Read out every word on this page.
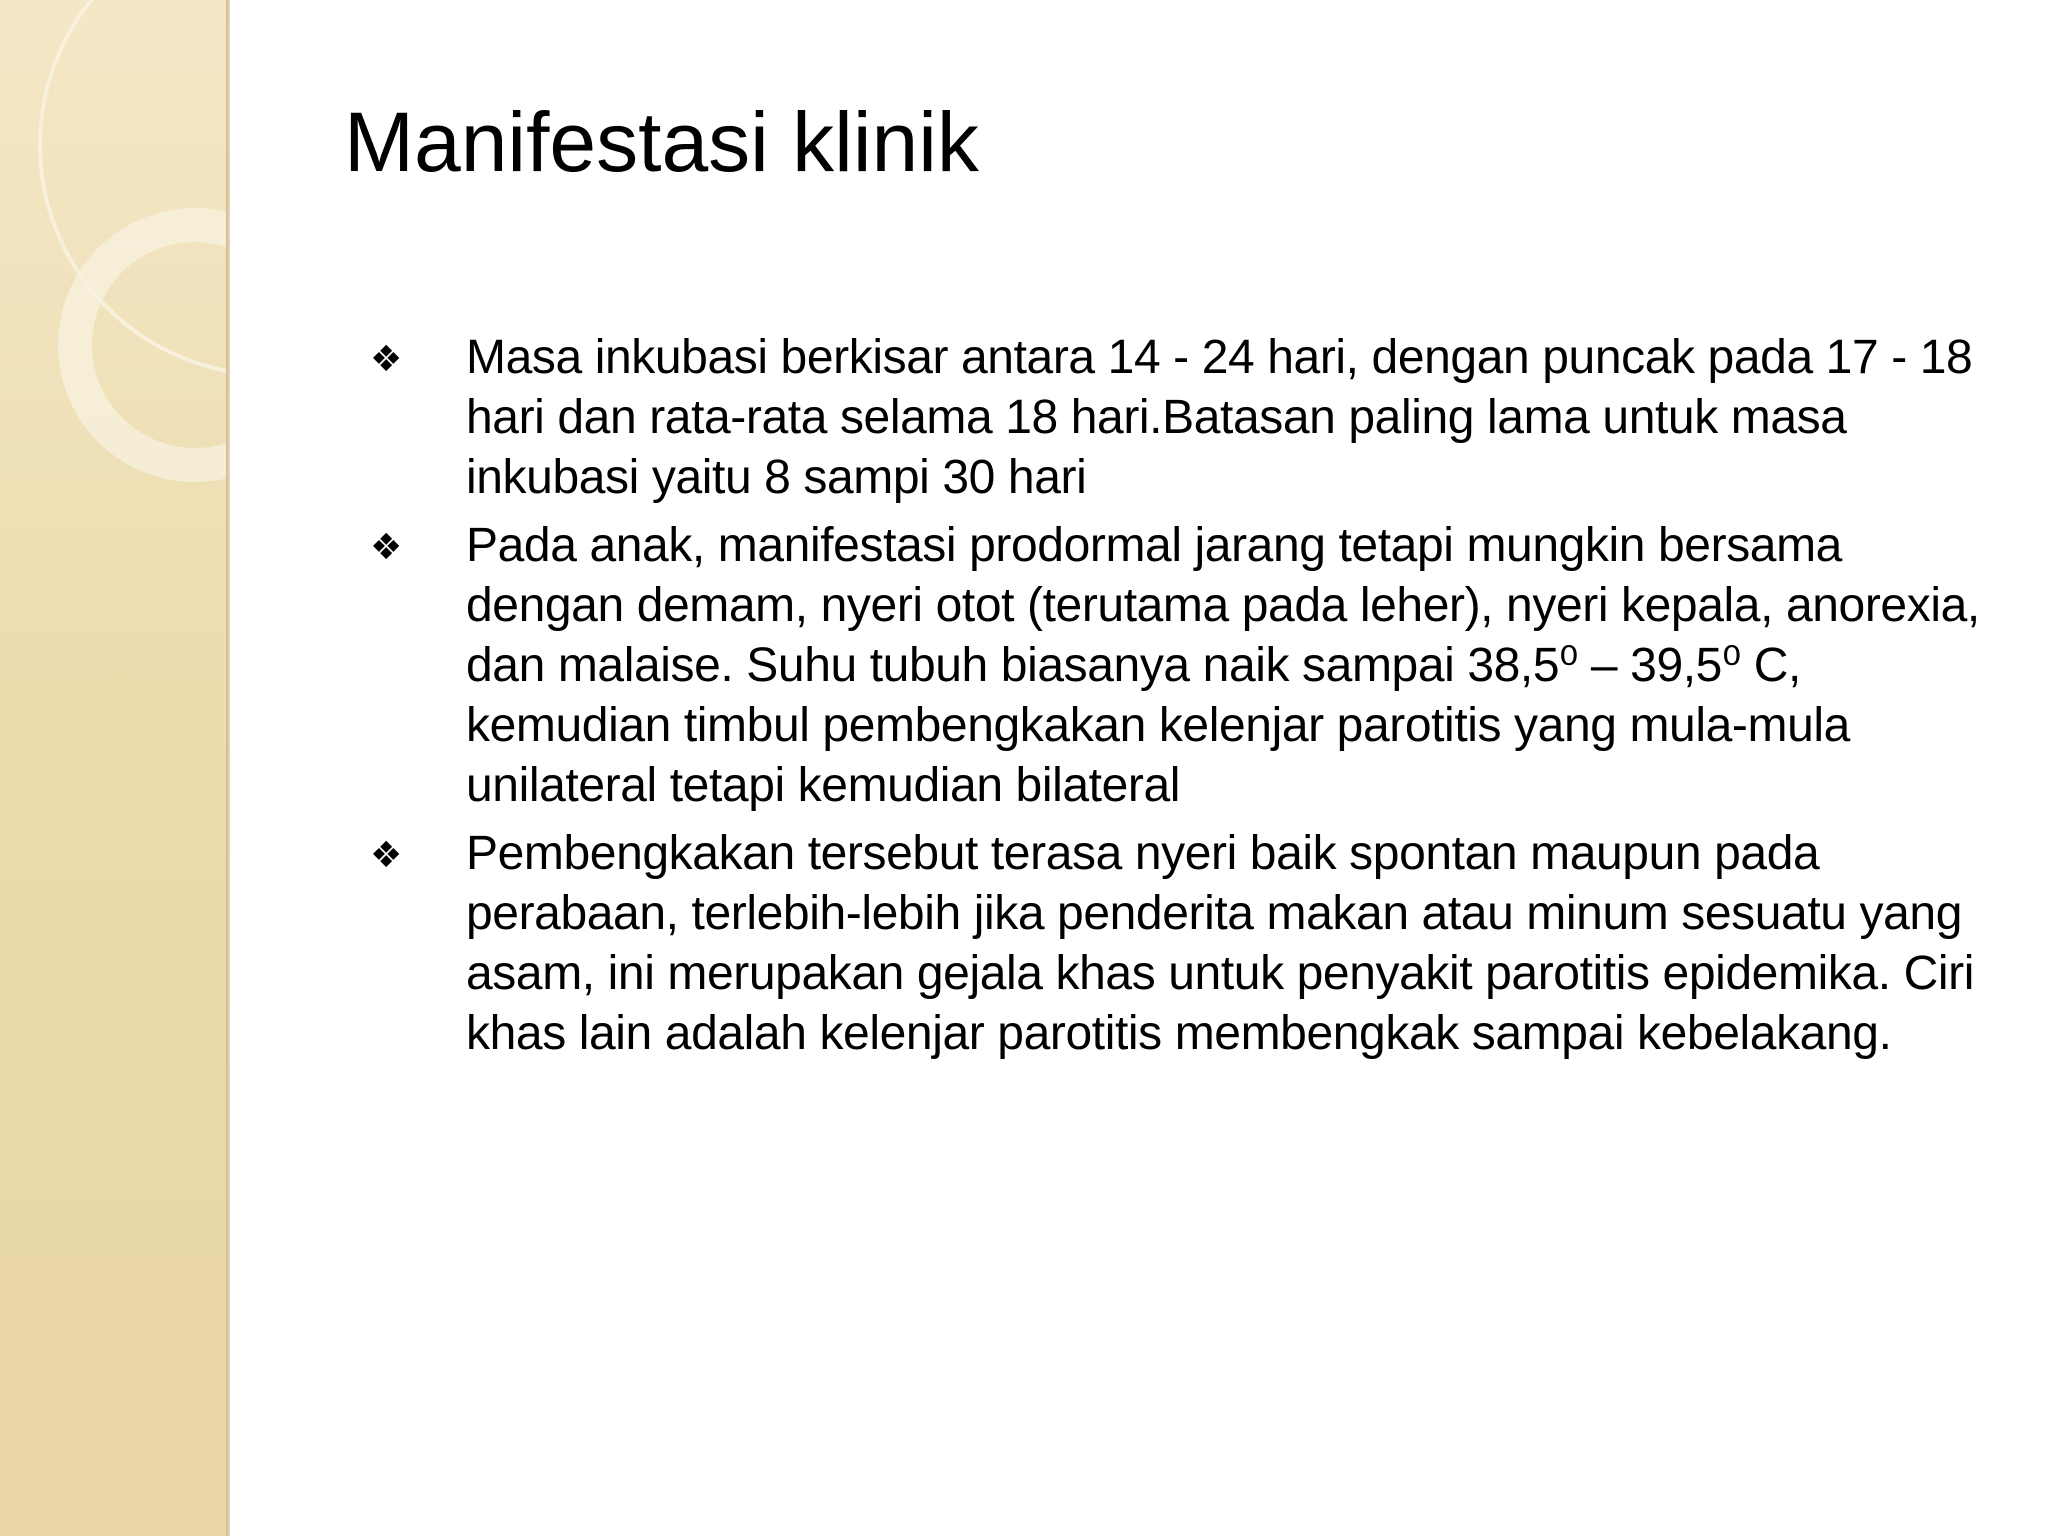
Manifestasi klinik
❖ Masa inkubasi berkisar antara 14 - 24 hari, dengan puncak pada 17 - 18 hari dan rata-rata selama 18 hari.Batasan paling lama untuk masa inkubasi yaitu 8 sampi 30 hari
❖ Pada anak, manifestasi prodormal jarang tetapi mungkin bersama dengan demam, nyeri otot (terutama pada leher), nyeri kepala, anorexia, dan malaise. Suhu tubuh biasanya naik sampai 38,5⁰ – 39,5⁰ C, kemudian timbul pembengkakan kelenjar parotitis yang mula-mula unilateral tetapi kemudian bilateral
❖ Pembengkakan tersebut terasa nyeri baik spontan maupun pada perabaan, terlebih-lebih jika penderita makan atau minum sesuatu yang asam, ini merupakan gejala khas untuk penyakit parotitis epidemika. Ciri khas lain adalah kelenjar parotitis membengkak sampai kebelakang.
